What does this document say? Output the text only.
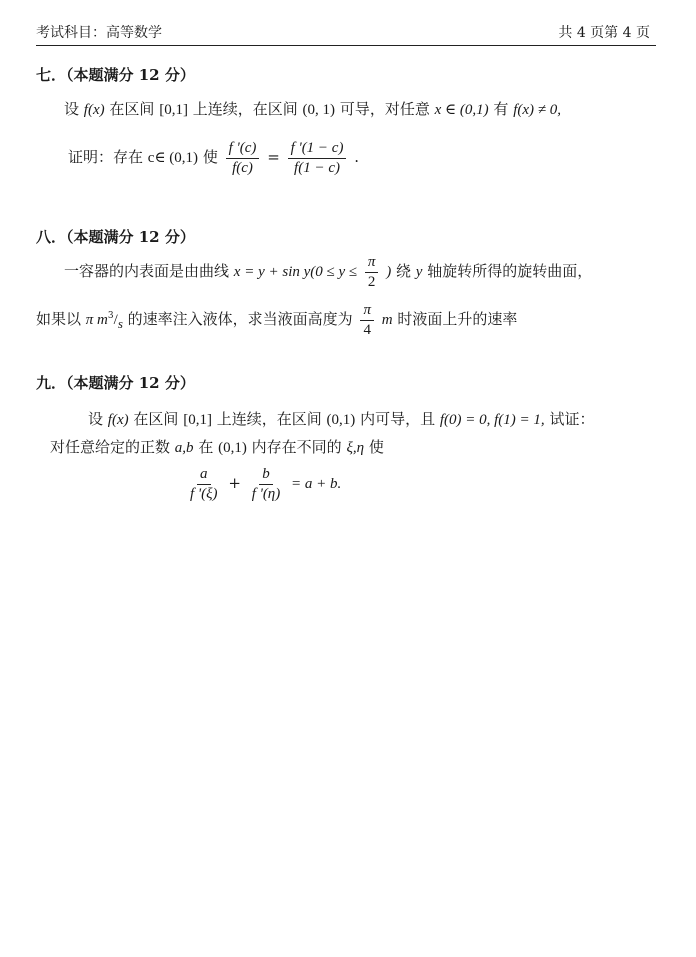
考试科目：高等数学	共 4 页第 4 页
七．（本题满分 12 分）
设 f(x) 在区间 [0,1] 上连续，在区间 (0, 1) 可导，对任意 x ∈ (0,1) 有 f(x) ≠ 0,
证明：存在 c∈ (0,1) 使 $\frac{f '(c)}{f(c)} = \frac{f '(1 - c)}{f(1 - c)}$ .
八．（本题满分 12 分）
一容器的内表面是由曲线 $x = y + \sin y(0 \le y \le \frac{\pi}{2}$ ) 绕 y 轴旋转所得的旋转曲面，
如果以 π $m^3/s$ 的速率注入液体，求当液面高度为 $\frac{\pi}{4}$ m 时液面上升的速率
九．（本题满分 12 分）
设 f(x) 在区间 [0,1] 上连续，在区间 (0,1) 内可导，且 f(0) = 0, f(1) = 1, 试证：
对任意给定的正数 a,b 在 (0,1) 内存在不同的 ξ,η 使
$\frac{a}{f '(\xi)} + \frac{b}{f '(\eta)} = a + b$.
